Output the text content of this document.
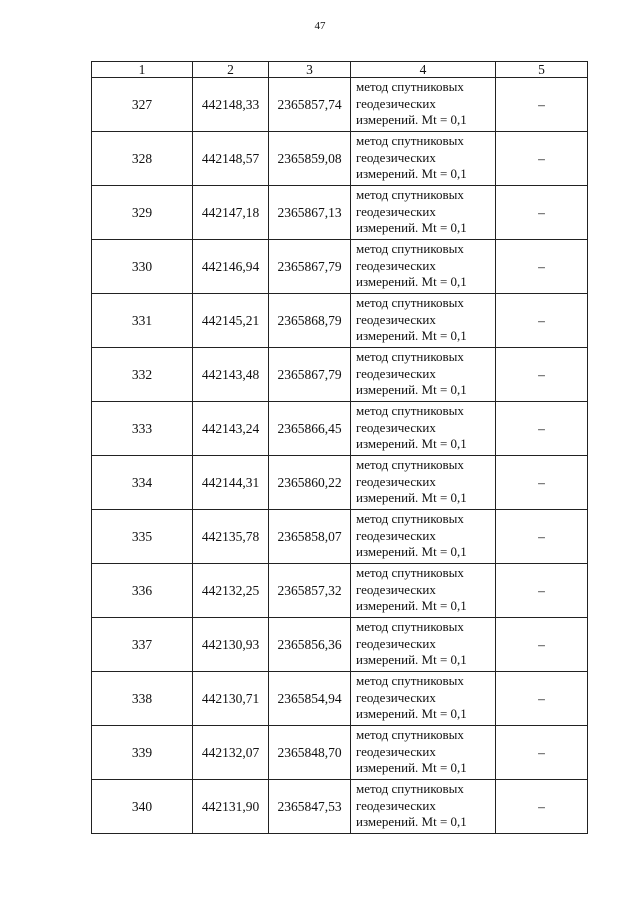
47
1	2	3	4	5
327	442148,33	2365857,74	метод спутниковых
геодезических
измерений. Mt = 0,1	–
328	442148,57	2365859,08	метод спутниковых
геодезических
измерений. Mt = 0,1	–
329	442147,18	2365867,13	метод спутниковых
геодезических
измерений. Mt = 0,1	–
330	442146,94	2365867,79	метод спутниковых
геодезических
измерений. Mt = 0,1	–
331	442145,21	2365868,79	метод спутниковых
геодезических
измерений. Mt = 0,1	–
332	442143,48	2365867,79	метод спутниковых
геодезических
измерений. Mt = 0,1	–
333	442143,24	2365866,45	метод спутниковых
геодезических
измерений. Mt = 0,1	–
334	442144,31	2365860,22	метод спутниковых
геодезических
измерений. Mt = 0,1	–
335	442135,78	2365858,07	метод спутниковых
геодезических
измерений. Mt = 0,1	–
336	442132,25	2365857,32	метод спутниковых
геодезических
измерений. Mt = 0,1	–
337	442130,93	2365856,36	метод спутниковых
геодезических
измерений. Mt = 0,1	–
338	442130,71	2365854,94	метод спутниковых
геодезических
измерений. Mt = 0,1	–
339	442132,07	2365848,70	метод спутниковых
геодезических
измерений. Mt = 0,1	–
340	442131,90	2365847,53	метод спутниковых
геодезических
измерений. Mt = 0,1	–
